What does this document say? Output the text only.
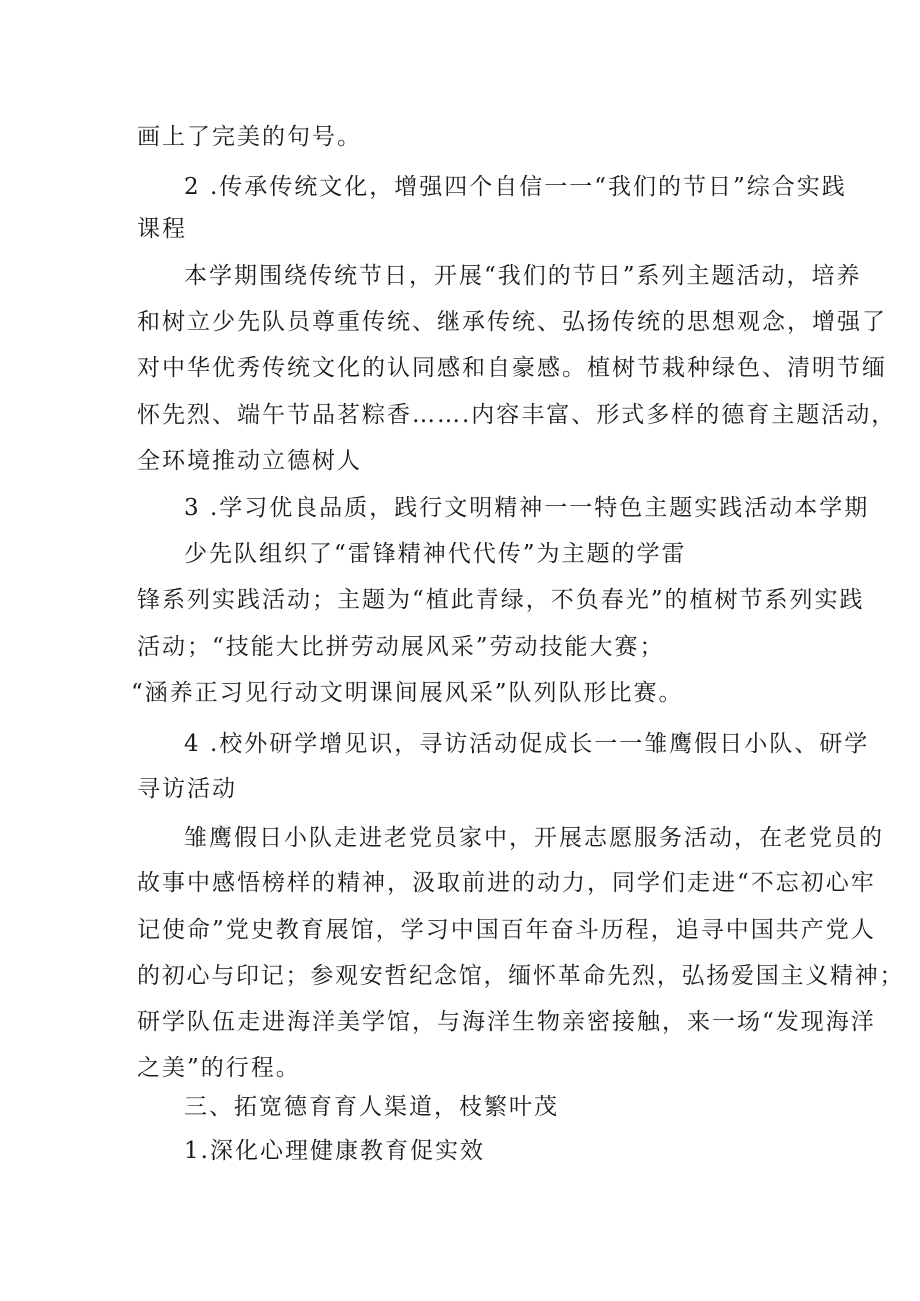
画上了完美的句号。
2 .传承传统文化，增强四个自信一一“我们的节日”综合实践
课程
本学期围绕传统节日，开展“我们的节日”系列主题活动，培养
和树立少先队员尊重传统、继承传统、弘扬传统的思想观念，增强了
对中华优秀传统文化的认同感和自豪感。植树节栽种绿色、清明节缅
怀先烈、端午节品茗粽香…….内容丰富、形式多样的德育主题活动，
全环境推动立德树人
3 .学习优良品质，践行文明精神一一特色主题实践活动本学期
少先队组织了“雷锋精神代代传”为主题的学雷
锋系列实践活动；主题为“植此青绿，不负春光”的植树节系列实践
活动；“技能大比拼劳动展风采”劳动技能大赛；
“涵养正习见行动文明课间展风采”队列队形比赛。
4 .校外研学增见识，寻访活动促成长一一雏鹰假日小队、研学
寻访活动
雏鹰假日小队走进老党员家中，开展志愿服务活动，在老党员的
故事中感悟榜样的精神，汲取前进的动力，同学们走进“不忘初心牢
记使命”党史教育展馆，学习中国百年奋斗历程，追寻中国共产党人
的初心与印记；参观安哲纪念馆，缅怀革命先烈，弘扬爱国主义精神；
研学队伍走进海洋美学馆，与海洋生物亲密接触，来一场“发现海洋
之美”的行程。
三、拓宽德育育人渠道，枝繁叶茂
1.深化心理健康教育促实效
